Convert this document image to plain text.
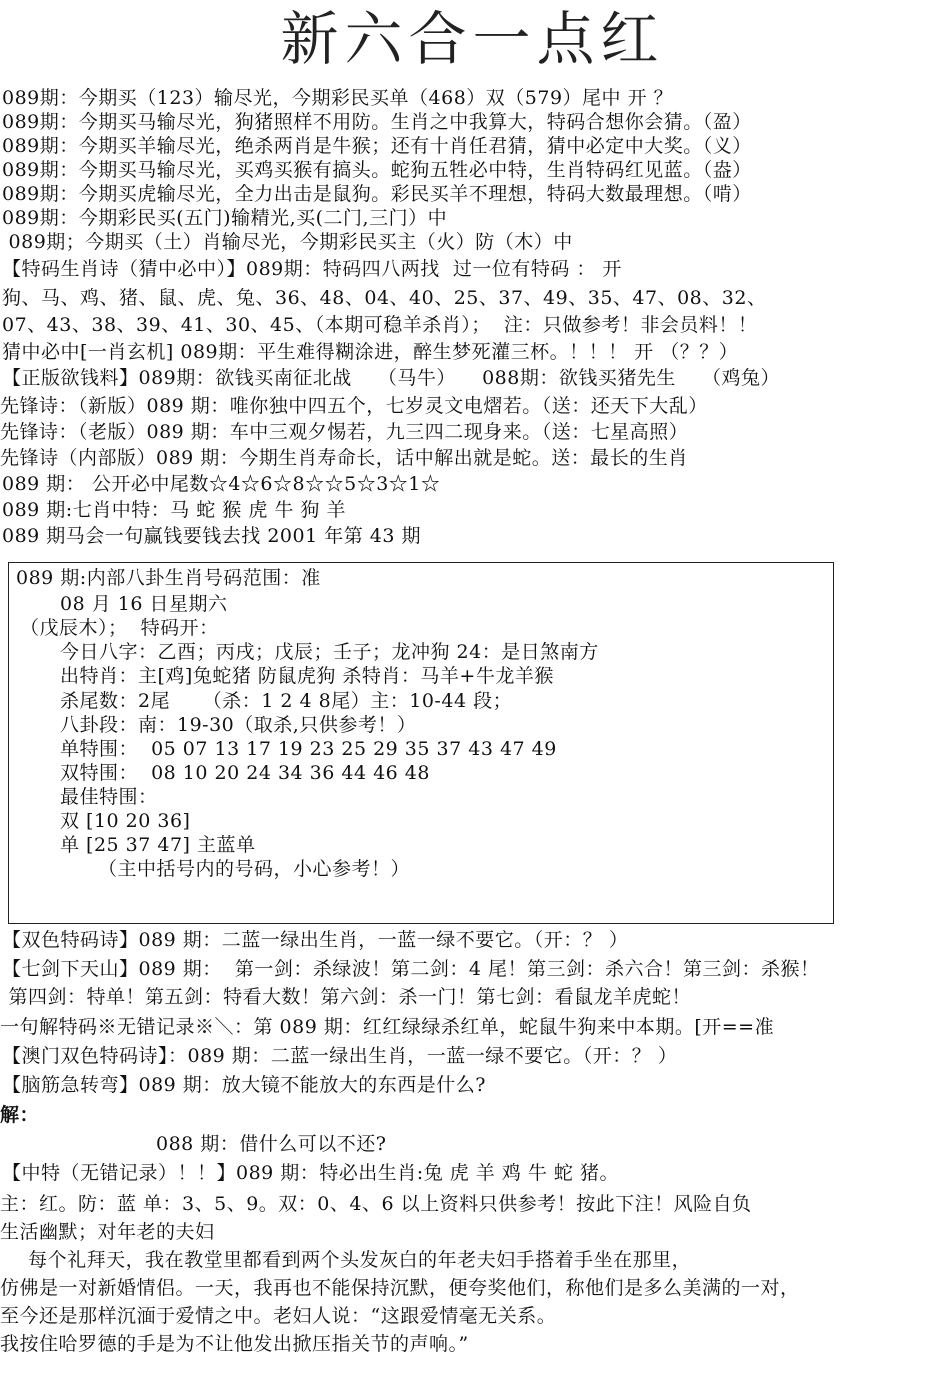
新六合一点红
089期：今期买（123）输尽光，今期彩民买单（468）双（579）尾中 开 ？
089期：今期买马输尽光，狗猪照样不用防。生肖之中我算大，特码合想你会猜。（盈）
089期：今期买羊输尽光，绝杀两肖是牛猴；还有十肖任君猜，猜中必定中大奖。（义）
089期：今期买马输尽光，买鸡买猴有搞头。蛇狗五牲必中特，生肖特码红见蓝。（盎）
089期：今期买虎输尽光，全力出击是鼠狗。彩民买羊不理想，特码大数最理想。（啃）
089期：今期彩民买(五门)输精光,买(二门,三门）中
089期；今期买（土）肖输尽光，今期彩民买主（火）防（木）中
【特码生肖诗（猜中必中）】089期：特码四八两找  过一位有特码 ： 开
狗、马、鸡、猪、鼠、虎、兔、36、48、04、40、25、37、49、35、47、08、32、
07、43、38、39、41、30、45、（本期可稳羊杀肖）；  注：只做参考！非会员料！！
猜中必中[一肖玄机] 089期：平生难得糊涂进，醉生梦死灌三杯。！！！ 开 （？？）
【正版欲钱料】089期：欲钱买南征北战    （马牛）    088期：欲钱买猪先生    （鸡兔）
先锋诗：（新版）089 期：唯你独中四五个，七岁灵文电熠若。（送：还天下大乱）
先锋诗：（老版）089 期：车中三观夕惕若，九三四二现身来。（送：七星高照）
先锋诗（内部版）089 期：今期生肖寿命长，话中解出就是蛇。送：最长的生肖
089 期： 公开必中尾数☆4☆6☆8☆☆5☆3☆1☆
089 期:七肖中特：马 蛇 猴 虎 牛 狗 羊
089 期马会一句赢钱要钱去找 2001 年第 43 期
089 期:内部八卦生肖号码范围：准
08 月 16 日星期六
（戊辰木）；  特码开：
今日八字：乙酉；丙戌；戊辰；壬子；龙冲狗 24：是日煞南方
出特肖：主[鸡]兔蛇猪 防鼠虎狗 杀特肖：马羊+牛龙羊猴
杀尾数：2尾     （杀：1 2 4 8尾）主：10-44 段；
八卦段：南：19-30（取杀,只供参考！）
单特围：  05 07 13 17 19 23 25 29 35 37 43 47 49
双特围：  08 10 20 24 34 36 44 46 48
最佳特围：
双 [10 20 36]
单 [25 37 47] 主蓝单
（主中括号内的号码，小心参考！）
【双色特码诗】089 期：二蓝一绿出生肖，一蓝一绿不要它。（开：？ ）
【七剑下天山】089 期：  第一剑：杀绿波！第二剑：4 尾！第三剑：杀六合！第三剑：杀猴！
第四剑：特单！第五剑：特看大数！第六剑：杀一门！第七剑：看鼠龙羊虎蛇！
一句解特码※无错记录※＼：第 089 期：红红绿绿杀红单，蛇鼠牛狗来中本期。[开==准
【澳门双色特码诗】：089 期：二蓝一绿出生肖，一蓝一绿不要它。（开：？ ）
【脑筋急转弯】089 期：放大镜不能放大的东西是什么?
解：
088 期：借什么可以不还?
【中特（无错记录）！！】089 期：特必出生肖:兔 虎 羊 鸡 牛 蛇 猪。
主：红。防：蓝 单：3、5、9。双：0、4、6 以上资料只供参考！按此下注！风险自负
生活幽默；对年老的夫妇
每个礼拜天，我在教堂里都看到两个头发灰白的年老夫妇手搭着手坐在那里，
仿佛是一对新婚情侣。一天，我再也不能保持沉默，便夸奖他们，称他们是多么美满的一对，
至今还是那样沉湎于爱情之中。老妇人说：“这跟爱情毫无关系。
我按住哈罗德的手是为不让他发出掀压指关节的声响。”
